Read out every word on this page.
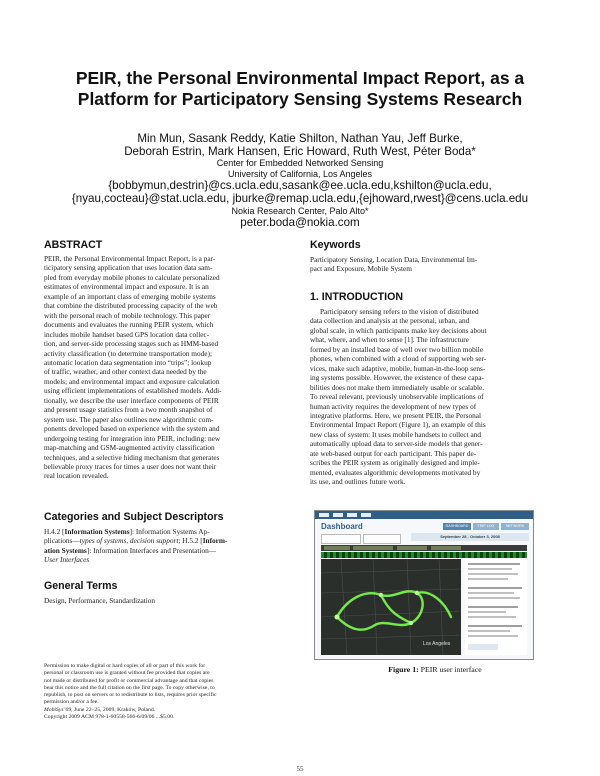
PEIR, the Personal Environmental Impact Report, as a
Platform for Participatory Sensing Systems Research
Min Mun, Sasank Reddy, Katie Shilton, Nathan Yau, Jeff Burke,
Deborah Estrin, Mark Hansen, Eric Howard, Ruth West, Péter Boda*
Center for Embedded Networked Sensing
University of California, Los Angeles
{bobbymun,destrin}@cs.ucla.edu,sasank@ee.ucla.edu,kshilton@ucla.edu,
{nyau,cocteau}@stat.ucla.edu, jburke@remap.ucla.edu,{ejhoward,rwest}@cens.ucla.edu
Nokia Research Center, Palo Alto*
peter.boda@nokia.com
ABSTRACT
PEIR, the Personal Environmental Impact Report, is a par-
ticipatory sensing application that uses location data sam-
pled from everyday mobile phones to calculate personalized
estimates of environmental impact and exposure. It is an
example of an important class of emerging mobile systems
that combine the distributed processing capacity of the web
with the personal reach of mobile technology. This paper
documents and evaluates the running PEIR system, which
includes mobile handset based GPS location data collec-
tion, and server-side processing stages such as HMM-based
activity classification (to determine transportation mode);
automatic location data segmentation into “trips”; lookup
of traffic, weather, and other context data needed by the
models; and environmental impact and exposure calculation
using efficient implementations of established models. Addi-
tionally, we describe the user interface components of PEIR
and present usage statistics from a two month snapshot of
system use. The paper also outlines new algorithmic com-
ponents developed based on experience with the system and
undergoing testing for integration into PEIR, including: new
map-matching and GSM-augmented activity classification
techniques, and a selective hiding mechanism that generates
believable proxy traces for times a user does not want their
real location revealed.
Categories and Subject Descriptors
H.4.2 [Information Systems]: Information Systems Ap-
plications—types of systems, decision support; H.5.2 [Inform-
ation Systems]: Information Interfaces and Presentation—
User Interfaces
General Terms
Design, Performance, Standardization
Permission to make digital or hard copies of all or part of this work for
personal or classroom use is granted without fee provided that copies are
not made or distributed for profit or commercial advantage and that copies
bear this notice and the full citation on the first page. To copy otherwise, to
republish, to post on servers or to redistribute to lists, requires prior specific
permission and/or a fee.
MobiSys’09, June 22–25, 2009, Kraków, Poland.
Copyright 2009 ACM 978-1-60558-566-6/09/06 ...$5.00.
Keywords
Participatory Sensing, Location Data, Environmental Im-
pact and Exposure, Mobile System
1. INTRODUCTION
Participatory sensing refers to the vision of distributed
data collection and analysis at the personal, urban, and
global scale, in which participants make key decisions about
what, where, and when to sense [1]. The infrastructure
formed by an installed base of well over two billion mobile
phones, when combined with a cloud of supporting web ser-
vices, make such adaptive, mobile, human-in-the-loop sens-
ing systems possible. However, the existence of these capa-
bilities does not make them immediately usable or scalable.
To reveal relevant, previously unobservable implications of
human activity requires the development of new types of
integrative platforms. Here, we present PEIR, the Personal
Environmental Impact Report (Figure 1), an example of this
new class of system: It uses mobile handsets to collect and
automatically upload data to server-side models that gener-
ate web-based output for each participant. This paper de-
scribes the PEIR system as originally designed and imple-
mented, evaluates algorithmic developments motivated by
its use, and outlines future work.
Dashboard	DASHBOARD	TRIP LOG	NETWORK
September 28 - October 3, 2008
Los Angeles
Figure 1: PEIR user interface
55
